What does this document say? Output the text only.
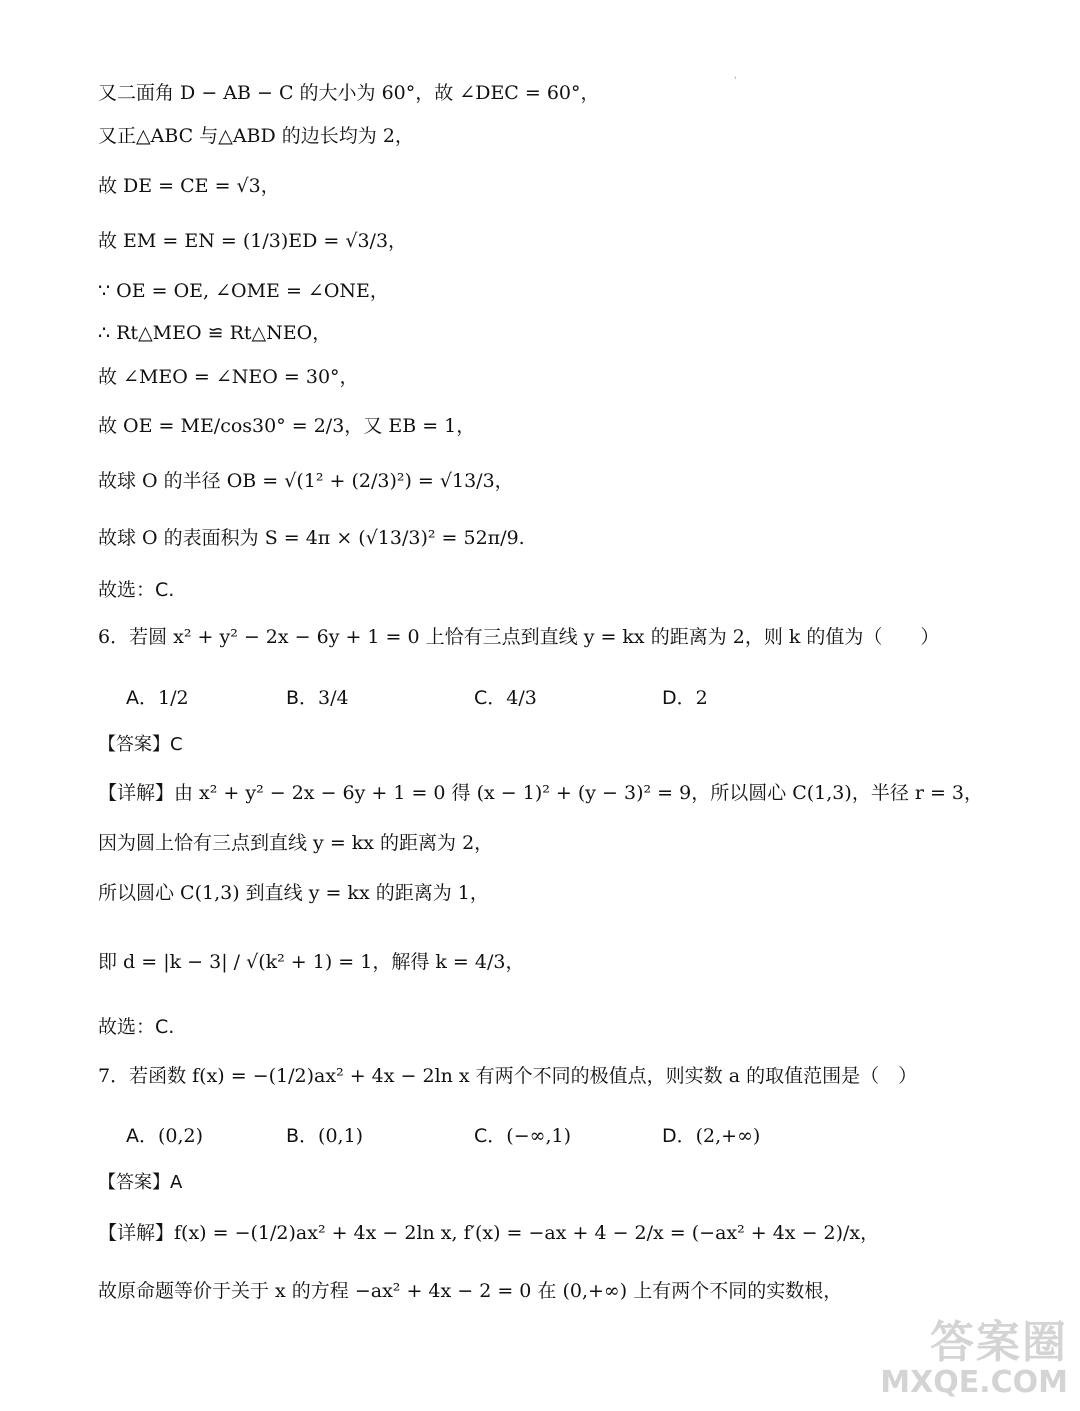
'
又二面角 D − AB − C 的大小为 60°，故 ∠DEC = 60°，
又正△ABC 与△ABD 的边长均为 2，
故 DE = CE = √3，
故 EM = EN = (1/3)ED = √3/3，
∵ OE = OE, ∠OME = ∠ONE，
∴ Rt△MEO ≌ Rt△NEO，
故 ∠MEO = ∠NEO = 30°，
故 OE = ME/cos30° = 2/3，又 EB = 1，
故球 O 的半径 OB = √(1² + (2/3)²) = √13/3，
故球 O 的表面积为 S = 4π × (√13/3)² = 52π/9.
故选：C.
6．若圆 x² + y² − 2x − 6y + 1 = 0 上恰有三点到直线 y = kx 的距离为 2，则 k 的值为（　　）
A．1/2	B．3/4	C．4/3	D．2
【答案】C
【详解】由 x² + y² − 2x − 6y + 1 = 0 得 (x − 1)² + (y − 3)² = 9，所以圆心 C(1,3)，半径 r = 3，
因为圆上恰有三点到直线 y = kx 的距离为 2，
所以圆心 C(1,3) 到直线 y = kx 的距离为 1，
即 d = |k − 3| / √(k² + 1) = 1，解得 k = 4/3，
故选：C.
7．若函数 f(x) = −(1/2)ax² + 4x − 2ln x 有两个不同的极值点，则实数 a 的取值范围是（　）
A．(0,2)	B．(0,1)	C．(−∞,1)	D．(2,+∞)
【答案】A
【详解】f(x) = −(1/2)ax² + 4x − 2ln x, f′(x) = −ax + 4 − 2/x = (−ax² + 4x − 2)/x，
故原命题等价于关于 x 的方程 −ax² + 4x − 2 = 0 在 (0,+∞) 上有两个不同的实数根，
答案圈
MXQE.COM
